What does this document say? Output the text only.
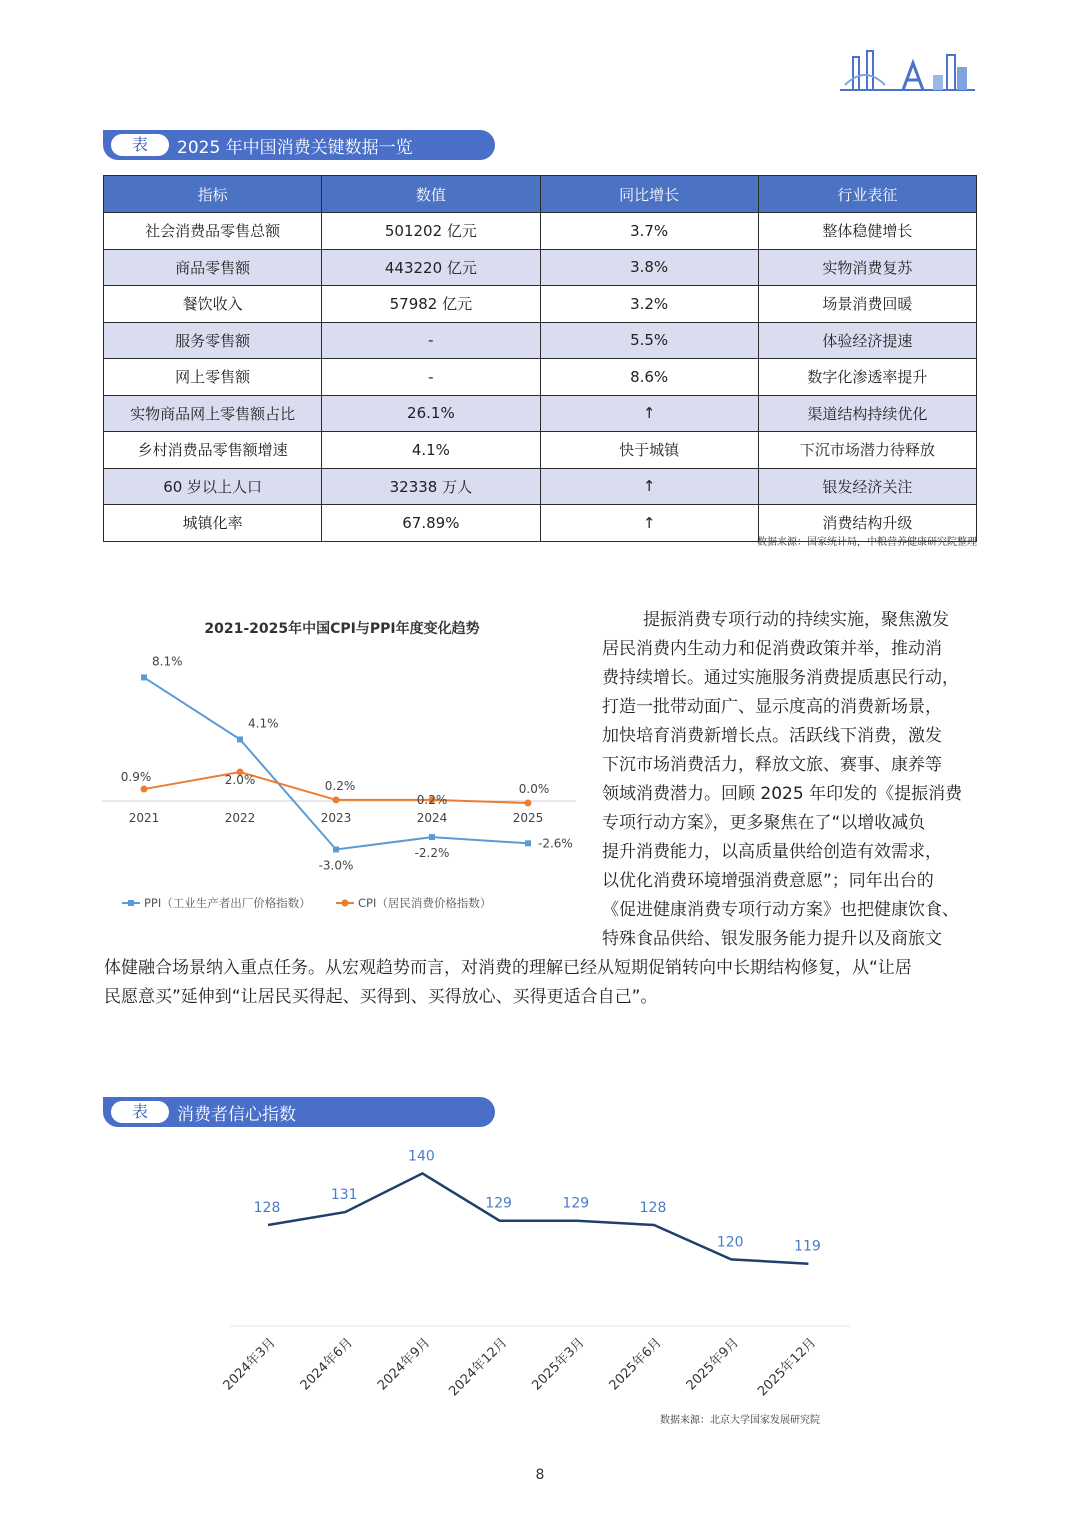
表	2025 年中国消费关键数据一览
指标	数值	同比增长	行业表征
社会消费品零售总额	501202 亿元	3.7%	整体稳健增长
商品零售额	443220 亿元	3.8%	实物消费复苏
餐饮收入	57982 亿元	3.2%	场景消费回暖
服务零售额	-	5.5%	体验经济提速
网上零售额	-	8.6%	数字化渗透率提升
实物商品网上零售额占比	26.1%	↑	渠道结构持续优化
乡村消费品零售额增速	4.1%	快于城镇	下沉市场潜力待释放
60 岁以上人口	32338 万人	↑	银发经济关注
城镇化率	67.89%	↑	消费结构升级
数据来源：国家统计局，中粮营养健康研究院整理
2021-2025年中国CPI与PPI年度变化趋势
2021	2022	2023	2024	2025
8.1%
4.1%
-3.0%
-2.2%
-2.6%
0.9%	2.0%	0.2%
0.2%
0.0%
PPI（工业生产者出厂价格指数）	CPI（居民消费价格指数）

提振消费专项行动的持续实施，聚焦激发

居民消费内生动力和促消费政策并举，推动消

费持续增长。通过实施服务消费提质惠民行动，

打造一批带动面广、显示度高的消费新场景，

加快培育消费新增长点。活跃线下消费，激发

下沉市场消费活力，释放文旅、赛事、康养等

领域消费潜力。回顾 2025 年印发的《提振消费

专项行动方案》，更多聚焦在了“以增收减负

提升消费能力，以高质量供给创造有效需求，

以优化消费环境增强消费意愿”；同年出台的

《促进健康消费专项行动方案》也把健康饮食、

特殊食品供给、银发服务能力提升以及商旅文

体健融合场景纳入重点任务。从宏观趋势而言，对消费的理解已经从短期促销转向中长期结构修复，从“让居

民愿意买”延伸到“让居民买得起、买得到、买得放心、买得更适合自己”。

表	消费者信心指数
128
131
140
129	129	128
120	119
2024年3月 2024年6月 2024年9月 2024年12月 2025年3月 2025年6月 2025年9月 2025年12月
数据来源：北京大学国家发展研究院
8
